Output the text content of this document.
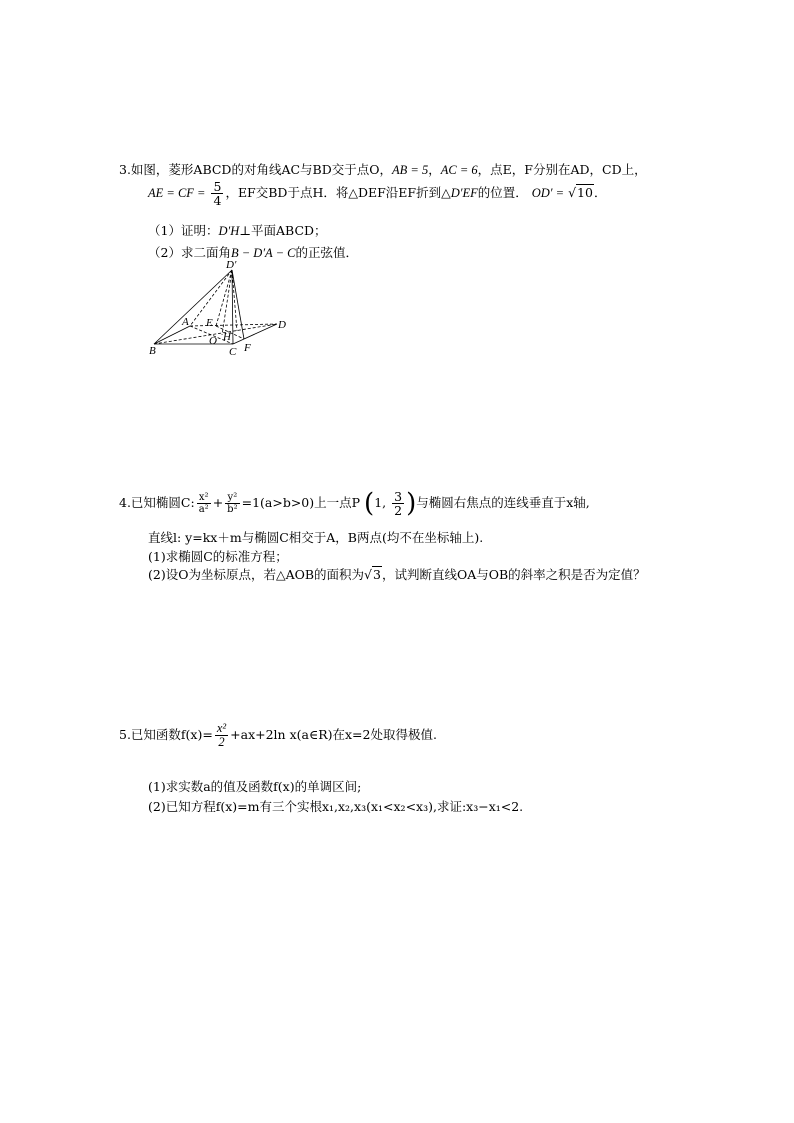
3.如图，菱形ABCD的对角线AC与BD交于点O，AB = 5，AC = 6，点E，F分别在AD，CD上，
AE = CF = $\frac{5}{4}$ ，EF交BD于点H．将△DEF沿EF折到△D′EF的位置． OD′ = √10．
（1）证明：D′H⊥平面ABCD；
（2）求二面角B − D′A − C的正弦值．
D′
A E	D
O H
B	C F
4.已知椭圆C: $\frac{\text{x²}}{\text{a²}} + \frac{\text{y²}}{\text{b²}} =1(a>b>0)$上一点P (1, $\frac{3}{2}$ )与椭圆右焦点的连线垂直于x轴,
直线l: y=kx＋m与椭圆C相交于A，B两点(均不在坐标轴上).
(1)求椭圆C的标准方程；
(2)设O为坐标原点，若△AOB的面积为√3，试判断直线OA与OB的斜率之积是否为定值？
5.已知函数$f(x)= \frac{\text{x²}}{2} +ax+2\ln$ x(a∈R)在x=2处取得极值.
(1)求实数a的值及函数f(x)的单调区间;
(2)已知方程f(x)=m有三个实根x₁,x₂,x₃(x₁<x₂<x₃),求证:x₃−x₁<2.
